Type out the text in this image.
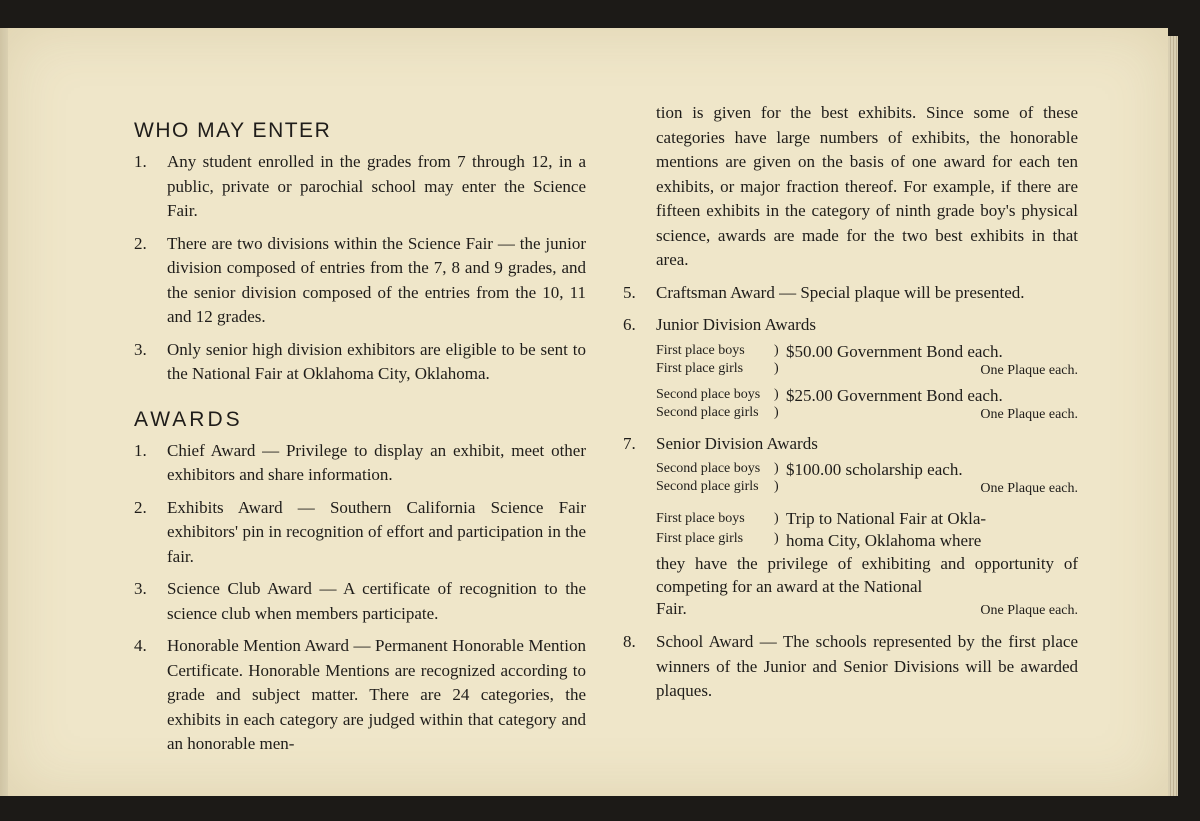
WHO MAY ENTER
1. Any student enrolled in the grades from 7 through 12, in a public, private or parochial school may enter the Science Fair.
2. There are two divisions within the Science Fair — the junior division composed of entries from the 7, 8 and 9 grades, and the senior division composed of the entries from the 10, 11 and 12 grades.
3. Only senior high division exhibitors are eligible to be sent to the National Fair at Oklahoma City, Oklahoma.
AWARDS
1. Chief Award — Privilege to display an exhibit, meet other exhibitors and share information.
2. Exhibits Award — Southern California Science Fair exhibitors' pin in recognition of effort and participation in the fair.
3. Science Club Award — A certificate of recognition to the science club when members participate.
4. Honorable Mention Award — Permanent Honorable Mention Certificate. Honorable Mentions are recognized according to grade and subject matter. There are 24 categories, the exhibits in each category are judged within that category and an honorable men-
tion is given for the best exhibits. Since some of these categories have large numbers of exhibits, the honorable mentions are given on the basis of one award for each ten exhibits, or major fraction thereof. For example, if there are fifteen exhibits in the category of ninth grade boy's physical science, awards are made for the two best exhibits in that area.
5. Craftsman Award — Special plaque will be presented.
6. Junior Division Awards
First place boys
First place girls
)
)
$50.00 Government Bond each.
One Plaque each.
Second place boys
Second place girls
)
)
$25.00 Government Bond each.
One Plaque each.
7. Senior Division Awards
Second place boys
Second place girls
)
)
$100.00 scholarship each.
One Plaque each.
First place boys
First place girls
)
)
Trip to National Fair at Okla-
homa City, Oklahoma where
they have the privilege of exhibiting and opportunity of competing for an award at the National
Fair.	One Plaque each.
8. School Award — The schools represented by the first place winners of the Junior and Senior Divisions will be awarded plaques.
